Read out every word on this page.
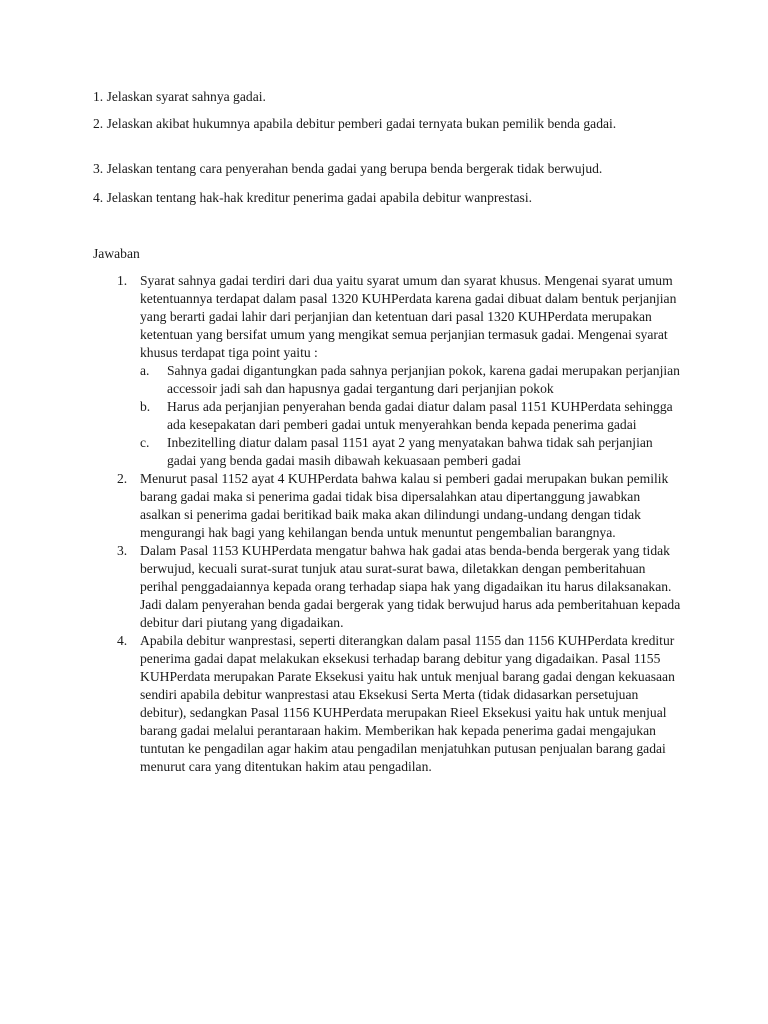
1. Jelaskan syarat sahnya gadai.

2. Jelaskan akibat hukumnya apabila debitur pemberi gadai ternyata bukan pemilik benda gadai.

3. Jelaskan tentang cara penyerahan benda gadai yang berupa benda bergerak tidak berwujud.

4. Jelaskan tentang hak-hak kreditur penerima gadai apabila debitur wanprestasi.

Jawaban

1. Syarat sahnya gadai terdiri dari dua yaitu syarat umum dan syarat khusus. Mengenai syarat umum ketentuannya terdapat dalam pasal 1320 KUHPerdata karena gadai dibuat dalam bentuk perjanjian yang berarti gadai lahir dari perjanjian dan ketentuan dari pasal 1320 KUHPerdata merupakan ketentuan yang bersifat umum yang mengikat semua perjanjian termasuk gadai. Mengenai syarat khusus terdapat tiga point yaitu :
a. Sahnya gadai digantungkan pada sahnya perjanjian pokok, karena gadai merupakan perjanjian accessoir jadi sah dan hapusnya gadai tergantung dari perjanjian pokok
b. Harus ada perjanjian penyerahan benda gadai diatur dalam pasal 1151 KUHPerdata sehingga ada kesepakatan dari pemberi gadai untuk menyerahkan benda kepada penerima gadai
c. Inbezitelling diatur dalam pasal 1151 ayat 2 yang menyatakan bahwa tidak sah perjanjian gadai yang benda gadai masih dibawah kekuasaan pemberi gadai
2. Menurut pasal 1152 ayat 4 KUHPerdata bahwa kalau si pemberi gadai merupakan bukan pemilik barang gadai maka si penerima gadai tidak bisa dipersalahkan atau dipertanggung jawabkan asalkan si penerima gadai beritikad baik maka akan dilindungi undang-undang dengan tidak mengurangi hak bagi yang kehilangan benda untuk menuntut pengembalian barangnya.
3. Dalam Pasal 1153 KUHPerdata mengatur bahwa hak gadai atas benda-benda bergerak yang tidak berwujud, kecuali surat-surat tunjuk atau surat-surat bawa, diletakkan dengan pemberitahuan perihal penggadaiannya kepada orang terhadap siapa hak yang digadaikan itu harus dilaksanakan. Jadi dalam penyerahan benda gadai bergerak yang tidak berwujud harus ada pemberitahuan kepada debitur dari piutang yang digadaikan.
4. Apabila debitur wanprestasi, seperti diterangkan dalam pasal 1155 dan 1156 KUHPerdata kreditur penerima gadai dapat melakukan eksekusi terhadap barang debitur yang digadaikan. Pasal 1155 KUHPerdata merupakan Parate Eksekusi yaitu hak untuk menjual barang gadai dengan kekuasaan sendiri apabila debitur wanprestasi atau Eksekusi Serta Merta (tidak didasarkan persetujuan debitur), sedangkan Pasal 1156 KUHPerdata merupakan Rieel Eksekusi yaitu hak untuk menjual barang gadai melalui perantaraan hakim. Memberikan hak kepada penerima gadai mengajukan tuntutan ke pengadilan agar hakim atau pengadilan menjatuhkan putusan penjualan barang gadai menurut cara yang ditentukan hakim atau pengadilan.
